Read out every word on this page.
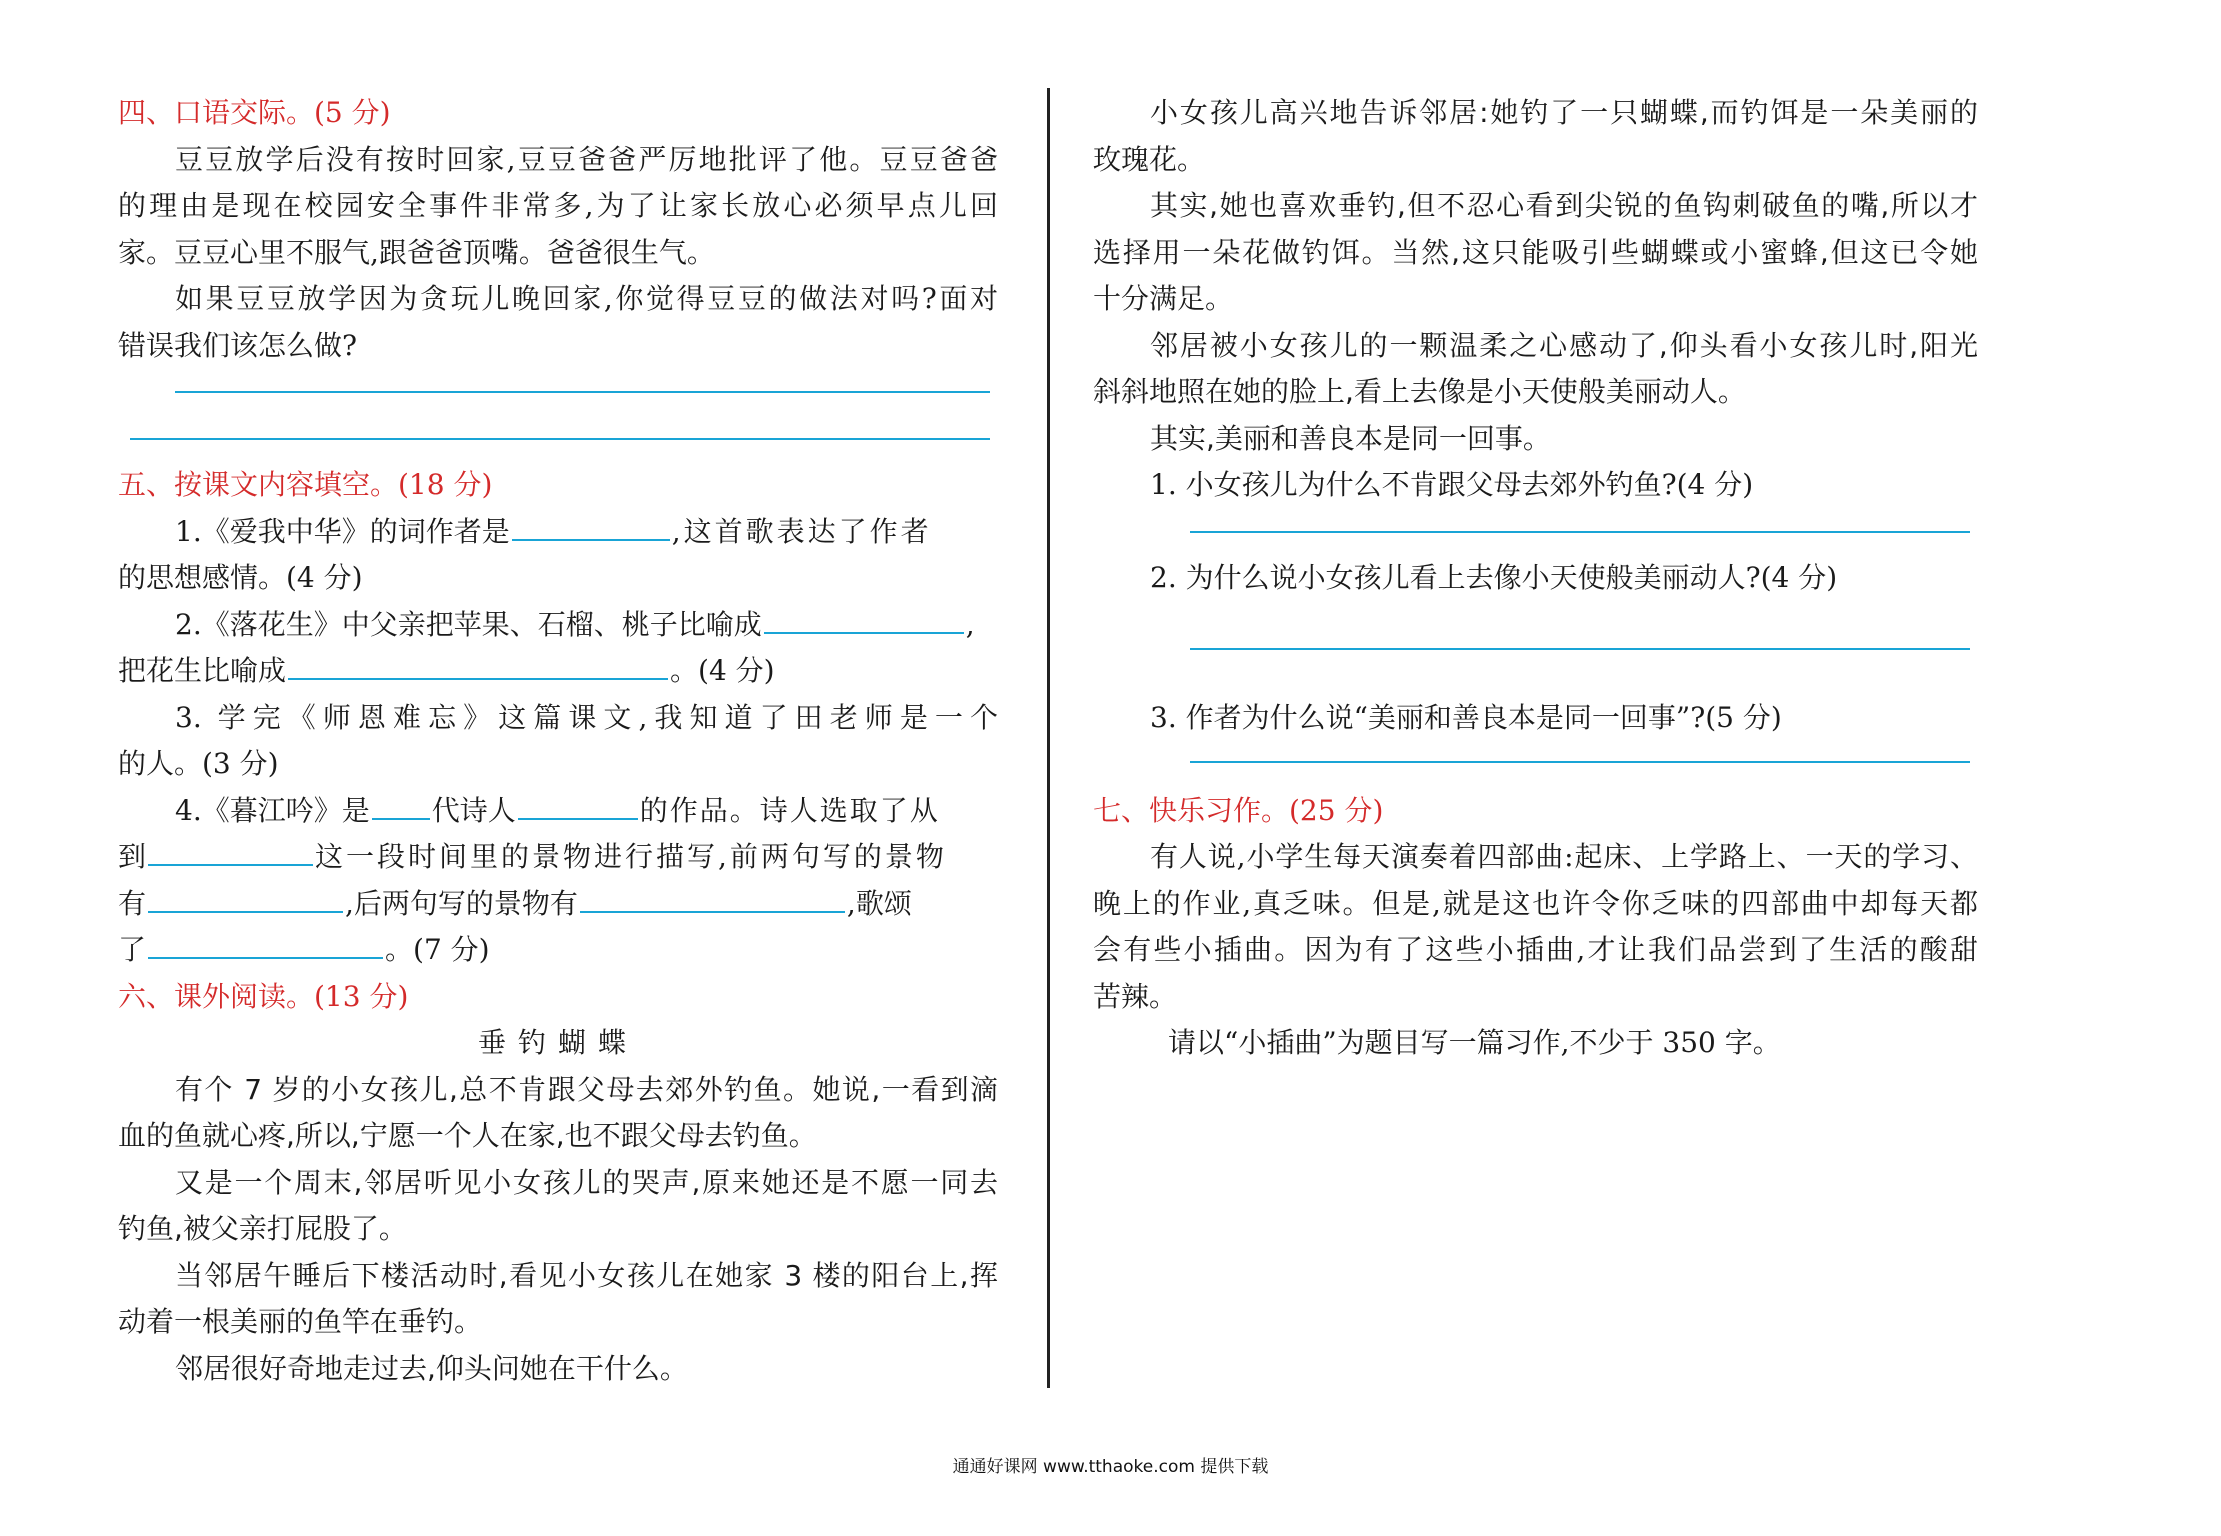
四、口语交际。(5 分)
豆豆放学后没有按时回家,豆豆爸爸严厉地批评了他。豆豆爸爸
的理由是现在校园安全事件非常多,为了让家长放心必须早点儿回
家。豆豆心里不服气,跟爸爸顶嘴。爸爸很生气。
如果豆豆放学因为贪玩儿晚回家,你觉得豆豆的做法对吗?面对
错误我们该怎么做?
五、按课文内容填空。(18 分)
1.《爱我中华》的词作者是	,这首歌表达了作者
的思想感情。(4 分)
2.《落花生》中父亲把苹果、石榴、桃子比喻成	,
把花生比喻成	。(4 分)
3. 学完《师恩难忘》这篇课文,我知道了田老师是一个
的人。(3 分)
4.《暮江吟》是 代诗人	的作品。诗人选取了从
到	这一段时间里的景物进行描写,前两句写的景物
有	,后两句写的景物有	,歌颂
了	。(7 分)
六、课外阅读。(13 分)
垂钓蝴蝶
有个 7 岁的小女孩儿,总不肯跟父母去郊外钓鱼。她说,一看到滴
血的鱼就心疼,所以,宁愿一个人在家,也不跟父母去钓鱼。
又是一个周末,邻居听见小女孩儿的哭声,原来她还是不愿一同去
钓鱼,被父亲打屁股了。
当邻居午睡后下楼活动时,看见小女孩儿在她家 3 楼的阳台上,挥
动着一根美丽的鱼竿在垂钓。
邻居很好奇地走过去,仰头问她在干什么。
小女孩儿高兴地告诉邻居:她钓了一只蝴蝶,而钓饵是一朵美丽的
玫瑰花。
其实,她也喜欢垂钓,但不忍心看到尖锐的鱼钩刺破鱼的嘴,所以才
选择用一朵花做钓饵。当然,这只能吸引些蝴蝶或小蜜蜂,但这已令她
十分满足。
邻居被小女孩儿的一颗温柔之心感动了,仰头看小女孩儿时,阳光
斜斜地照在她的脸上,看上去像是小天使般美丽动人。
其实,美丽和善良本是同一回事。
1. 小女孩儿为什么不肯跟父母去郊外钓鱼?(4 分)
2. 为什么说小女孩儿看上去像小天使般美丽动人?(4 分)
3. 作者为什么说“美丽和善良本是同一回事”?(5 分)
七、快乐习作。(25 分)
有人说,小学生每天演奏着四部曲:起床、上学路上、一天的学习、
晚上的作业,真乏味。但是,就是这也许令你乏味的四部曲中却每天都
会有些小插曲。因为有了这些小插曲,才让我们品尝到了生活的酸甜
苦辣。
请以“小插曲”为题目写一篇习作,不少于 350 字。
通通好课网 www.tthaoke.com 提供下载
